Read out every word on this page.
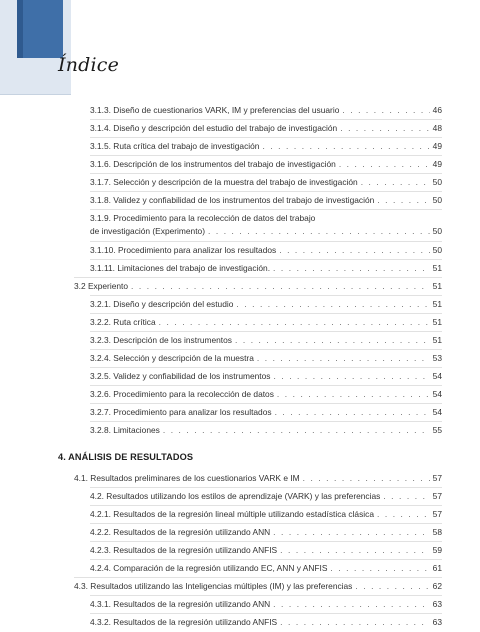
Índice
3.1.3. Diseño de cuestionarios VARK, IM y preferencias del usuario . . .	46
3.1.4. Diseño y descripción del estudio del trabajo de investigación . . .	48
3.1.5. Ruta crítica del trabajo de investigación . . .	49
3.1.6. Descripción de los instrumentos del trabajo de investigación . . .	49
3.1.7. Selección y descripción de la muestra del trabajo de investigación . . .	50
3.1.8. Validez y confiabilidad de los instrumentos del trabajo de investigación . . .	50
3.1.9. Procedimiento para la recolección de datos del trabajo
de investigación (Experimento) . . .	50
3.1.10. Procedimiento para analizar los resultados . . .	50
3.1.11. Limitaciones del trabajo de investigación. . . .	51
3.2 Experiento . . .	51
3.2.1. Diseño y descripción del estudio . . .	51
3.2.2. Ruta crítica . . .	51
3.2.3. Descripción de los instrumentos . . .	51
3.2.4. Selección y descripción de la muestra . . .	53
3.2.5. Validez y confiabilidad de los instrumentos . . .	54
3.2.6. Procedimiento para la recolección de datos . . .	54
3.2.7. Procedimiento para analizar los resultados . . .	54
3.2.8. Limitaciones . . .	55
4. ANÁLISIS DE RESULTADOS
4.1. Resultados preliminares de los cuestionarios VARK e IM . . .	57
4.2. Resultados utilizando los estilos de aprendizaje (VARK) y las preferencias . . .	57
4.2.1. Resultados de la regresión lineal múltiple utilizando estadística clásica . . .	57
4.2.2. Resultados de la regresión utilizando ANN . . .	58
4.2.3. Resultados de la regresión utilizando ANFIS . . .	59
4.2.4. Comparación de la regresión utilizando EC, ANN y ANFIS . . .	61
4.3. Resultados utilizando las Inteligencias múltiples (IM) y las preferencias . . .	62
4.3.1. Resultados de la regresión utilizando ANN . . .	63
4.3.2. Resultados de la regresión utilizando ANFIS . . .	63
